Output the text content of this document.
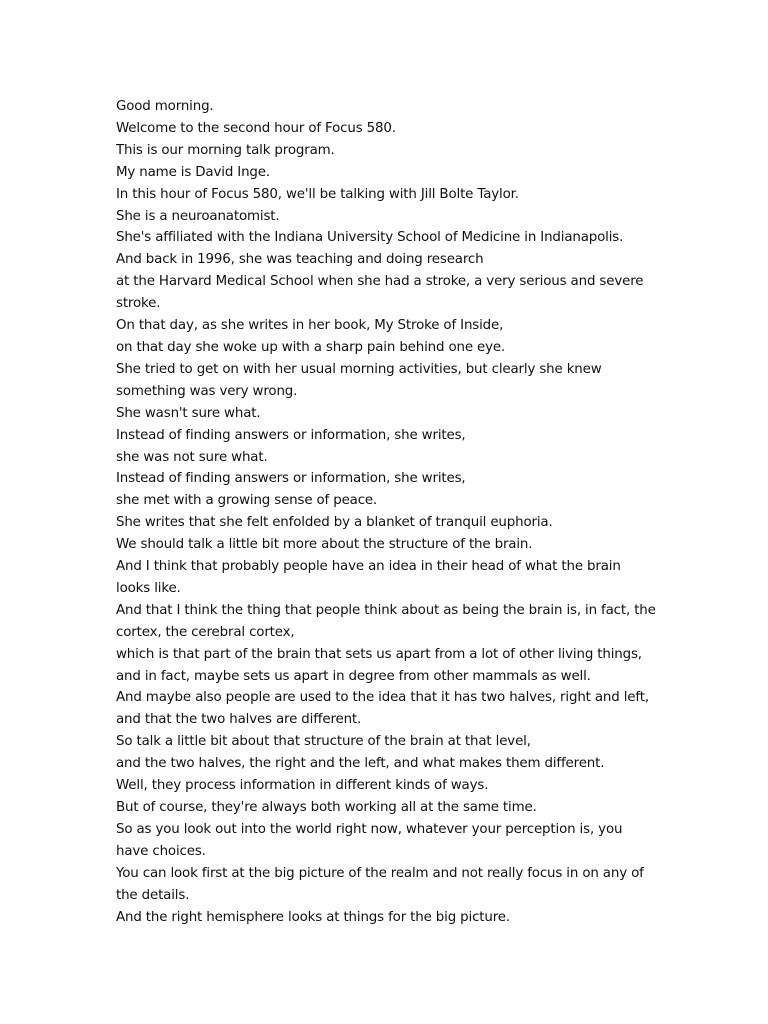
Good morning.
Welcome to the second hour of Focus 580.
This is our morning talk program.
My name is David Inge.
In this hour of Focus 580, we'll be talking with Jill Bolte Taylor.
She is a neuroanatomist.
She's affiliated with the Indiana University School of Medicine in Indianapolis.
And back in 1996, she was teaching and doing research
at the Harvard Medical School when she had a stroke, a very serious and severe stroke.
On that day, as she writes in her book, My Stroke of Inside,
on that day she woke up with a sharp pain behind one eye.
She tried to get on with her usual morning activities, but clearly she knew something was very wrong.
She wasn't sure what.
Instead of finding answers or information, she writes,
she was not sure what.
Instead of finding answers or information, she writes,
she met with a growing sense of peace.
She writes that she felt enfolded by a blanket of tranquil euphoria.
We should talk a little bit more about the structure of the brain.
And I think that probably people have an idea in their head of what the brain looks like.
And that I think the thing that people think about as being the brain is, in fact, the cortex, the cerebral cortex,
which is that part of the brain that sets us apart from a lot of other living things,
and in fact, maybe sets us apart in degree from other mammals as well.
And maybe also people are used to the idea that it has two halves, right and left,
and that the two halves are different.
So talk a little bit about that structure of the brain at that level,
and the two halves, the right and the left, and what makes them different.
Well, they process information in different kinds of ways.
But of course, they're always both working all at the same time.
So as you look out into the world right now, whatever your perception is, you have choices.
You can look first at the big picture of the realm and not really focus in on any of the details.
And the right hemisphere looks at things for the big picture.
